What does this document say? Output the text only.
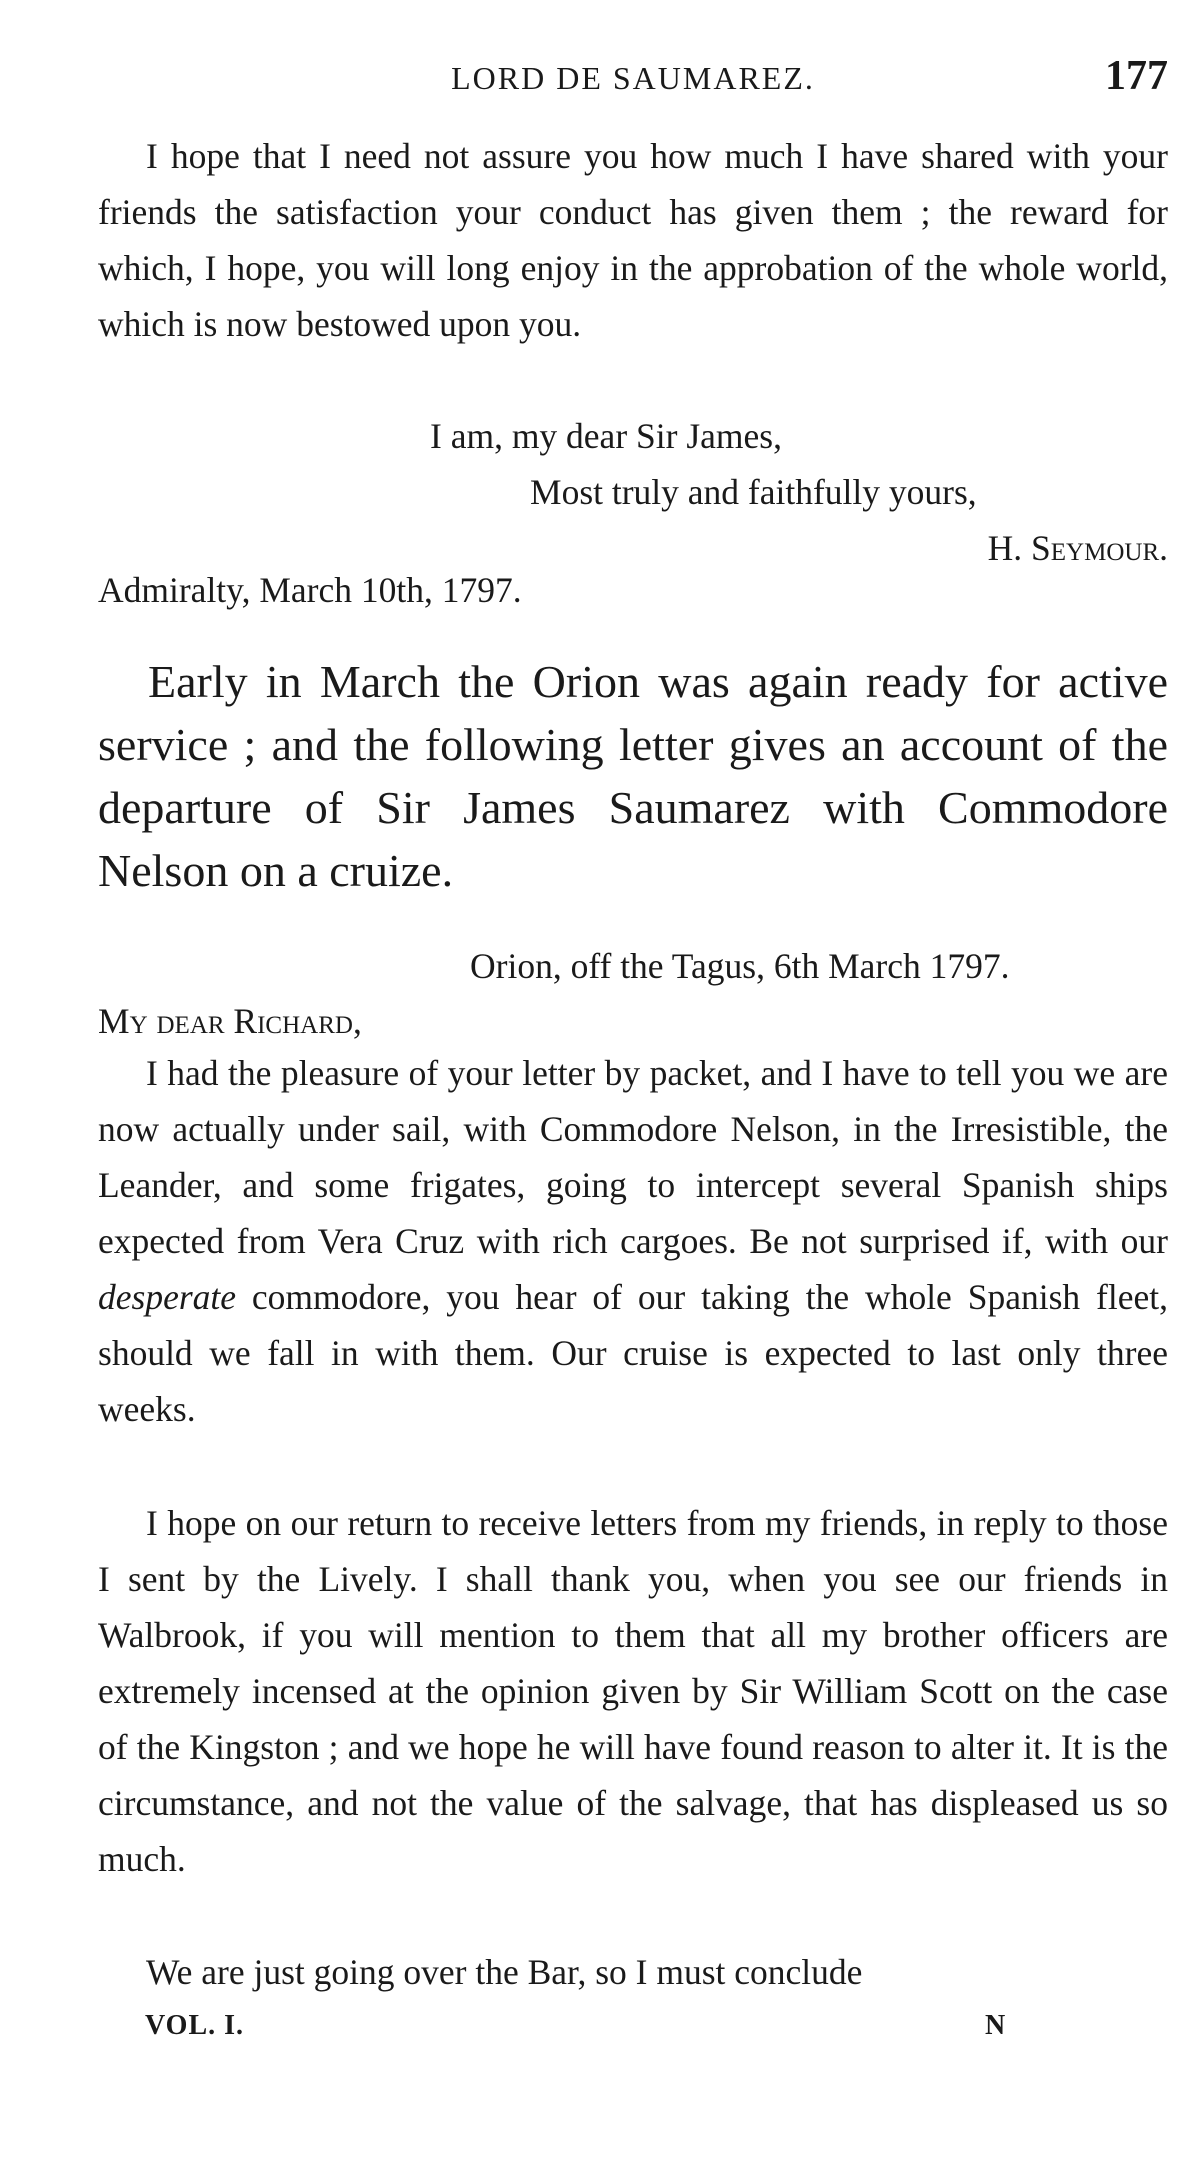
LORD DE SAUMAREZ.	177

I hope that I need not assure you how much I have shared with your friends the satisfaction your conduct has given them ; the reward for which, I hope, you will long enjoy in the approbation of the whole world, which is now bestowed upon you.

I am, my dear Sir James,
Most truly and faithfully yours,
H. Seymour.
Admiralty, March 10th, 1797.

Early in March the Orion was again ready for active service ; and the following letter gives an account of the departure of Sir James Saumarez with Commodore Nelson on a cruize.

Orion, off the Tagus, 6th March 1797.
My dear Richard,

I had the pleasure of your letter by packet, and I have to tell you we are now actually under sail, with Commodore Nelson, in the Irresistible, the Leander, and some frigates, going to intercept several Spanish ships expected from Vera Cruz with rich cargoes. Be not surprised if, with our desperate commodore, you hear of our taking the whole Spanish fleet, should we fall in with them. Our cruise is expected to last only three weeks.

I hope on our return to receive letters from my friends, in reply to those I sent by the Lively. I shall thank you, when you see our friends in Walbrook, if you will mention to them that all my brother officers are extremely incensed at the opinion given by Sir William Scott on the case of the Kingston ; and we hope he will have found reason to alter it. It is the circumstance, and not the value of the salvage, that has displeased us so much.

We are just going over the Bar, so I must conclude

VOL. I.	N
